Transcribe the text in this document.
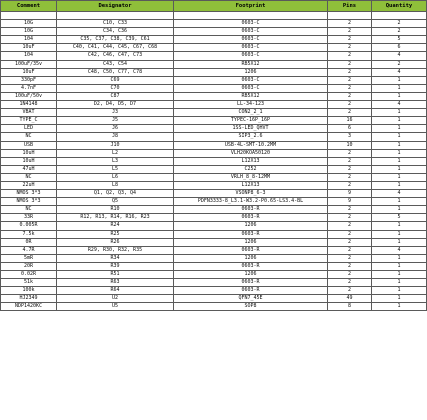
Comment	Designator	Footprint	Pins	Quantity

10G	C10, C33	0603-C	2	2
10G	C34, C36	0603-C	2	2
104	C35, C37, C38, C39, C61	0603-C	2	5
10uF	C40, C41, C44, C45, C67, C68	0603-C	2	6
104	C42, C46, C47, C73	0603-C	2	4
100uF/35v	C43, C54	RB5X12	2	2
10uF	C48, C50, C77, C78	1206	2	4
330pF	C69	0603-C	2	1
4.7nF	C70	0603-C	2	1
100uF/50v	C87	RB5X12	2	1
1N4148	D2, D4, D5, D7	LL-34-123	2	4
VBAT	J3	CON2_2_1	2	1
TYPE_C	J5	TYPEC-16P_16P	16	1
LED	J6	1SS-LED_QHVT	6	1
NC	J8	SIP3_2.6	3	1
USB	J10	USB-4L-SMT-10.2MM	10	1
10uH	L2	VLH20KOA50120	2	1
10uH	L3	L12X13	2	1
47uH	L5	C252	2	1
NC	L6	VRLH_8_8-12MM	2	1
22uH	L8	L12X13	2	1
NMOS 3*3	Q1, Q2, Q3, Q4	VSONP8_6-3	9	4
NMOS 3*3	Q5	PDFN3333-8_L3.1-W3.2-P0.65-LS3.4-BL	9	1
NC	R10	0603-R	2	1
33R	R12, R13, R14, R16, R23	0603-R	2	5
0.005R	R24	1206	2	1
7.5k	R25	0603-R	2	1
0R	R26	1206	2	1
4.7R	R29, R30, R32, R35	0603-R	2	4
5mR	R34	1206	2	1
20R	R39	0603-R	2	1
0.02R	R51	1206	2	1
51k	R63	0603-R	2	1
100k	R64	0603-R	2	1
HJ2349	U2	QFN7_45E	49	1
NDP1420KC	U5	SOP8	8	1
